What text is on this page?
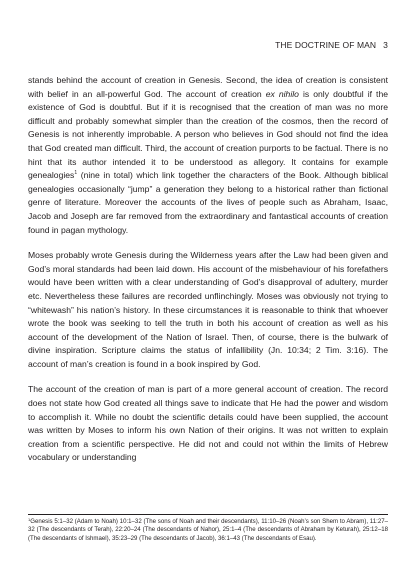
THE DOCTRINE OF MAN 3

stands behind the account of creation in Genesis. Second, the idea of creation is consistent with belief in an all-powerful God. The account of creation ex nihilo is only doubtful if the existence of God is doubtful. But if it is recognised that the creation of man was no more difficult and probably somewhat simpler than the creation of the cosmos, then the record of Genesis is not inherently improbable. A person who believes in God should not find the idea that God created man difficult. Third, the account of creation purports to be factual. There is no hint that its author intended it to be understood as allegory. It contains for example genealogies$^1$ (nine in total) which link together the characters of the Book. Although biblical genealogies occasionally “jump” a generation they belong to a historical rather than fictional genre of literature. Moreover the accounts of the lives of people such as Abraham, Isaac, Jacob and Joseph are far removed from the extraordinary and fantastical accounts of creation found in pagan mythology.

Moses probably wrote Genesis during the Wilderness years after the Law had been given and God’s moral standards had been laid down. His account of the misbehaviour of his forefathers would have been written with a clear understanding of God’s disapproval of adultery, murder etc. Nevertheless these failures are recorded unflinchingly. Moses was obviously not trying to “whitewash” his nation’s history. In these circumstances it is reasonable to think that whoever wrote the book was seeking to tell the truth in both his account of creation as well as his account of the development of the Nation of Israel. Then, of course, there is the bulwark of divine inspiration. Scripture claims the status of infallibility (Jn. 10:34; 2 Tim. 3:16). The account of man’s creation is found in a book inspired by God.

The account of the creation of man is part of a more general account of creation. The record does not state how God created all things save to indicate that He had the power and wisdom to accomplish it. While no doubt the scientific details could have been supplied, the account was written by Moses to inform his own Nation of their origins. It was not written to explain creation from a scientific perspective. He did not and could not within the limits of Hebrew vocabulary or understanding

$^1$Genesis 5:1–32 (Adam to Noah) 10:1–32 (The sons of Noah and their descendants), 11:10–26 (Noah’s son Shem to Abram), 11:27–32 (The descendants of Terah), 22:20–24 (The descendants of Nahor), 25:1–4 (The descendants of Abraham by Keturah), 25:12–18 (The descendants of Ishmael), 35:23–29 (The descendants of Jacob), 36:1–43 (The descendants of Esau).
